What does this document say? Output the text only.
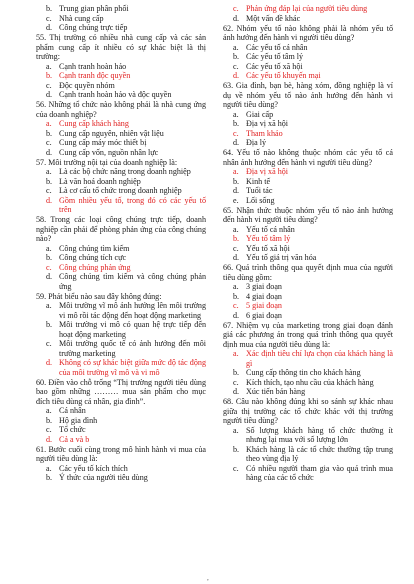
b. Trung gian phân phối
c. Nhà cung cấp
d. Công chúng trực tiếp
55. Thị trường có nhiều nhà cung cấp và các sản phẩm cung cấp ít nhiều có sự khác biệt là thị trường:
a. Cạnh tranh hoàn hảo
b. Cạnh tranh độc quyền
c. Độc quyền nhóm
d. Cạnh tranh hoàn hảo và độc quyền
56. Những tổ chức nào không phải là nhà cung ứng của doanh nghiệp?
a. Cung cấp khách hàng
b. Cung cấp nguyên, nhiên vật liệu
c. Cung cấp máy móc thiết bị
d. Cung cấp vốn, nguồn nhân lực
57. Môi trường nội tại của doanh nghiệp là:
a. Là các bộ chức năng trong doanh nghiệp
b. Là văn hoá doanh nghiệp
c. Là cơ cấu tổ chức trong doanh nghiệp
d. Gồm nhiều yếu tố, trong đó có các yếu tố trên
58. Trong các loại công chúng trực tiếp, doanh nghiệp cần phải để phòng phản ứng của công chúng nào?
a. Công chúng tìm kiếm
b. Công chúng tích cực
c. Công chúng phản ứng
d. Công chúng tìm kiếm và công chúng phản ứng
59. Phát biểu nào sau đây không đúng:
a. Môi trường vĩ mô ảnh hưởng lên môi trường vi mô rồi tác động đến hoạt động marketing
b. Môi trường vi mô có quan hệ trực tiếp đến hoạt động marketing
c. Môi trường quốc tế có ảnh hưởng đến môi trường marketing
d. Không có sự khác biệt giữa mức độ tác động của môi trường vĩ mô và vi mô
60. Điền vào chỗ trống “Thị trường người tiêu dùng bao gồm những ……… mua sản phẩm cho mục đích tiêu dùng cá nhân, gia đình”.
a. Cá nhân
b. Hộ gia đình
c. Tổ chức
d. Cả a và b
61. Bước cuối cùng trong mô hình hành vi mua của người tiêu dùng là:
a. Các yếu tố kích thích
b. Ý thức của người tiêu dùng
c. Phản ứng đáp lại của người tiêu dùng
d. Một vấn đề khác
62. Nhóm yếu tố nào không phải là nhóm yếu tố ảnh hưởng đến hành vi người tiêu dùng?
a. Các yếu tố cá nhân
b. Các yếu tố tâm lý
c. Các yếu tố xã hội
d. Các yếu tố khuyến mại
63. Gia đình, bạn bè, hàng xóm, đồng nghiệp là ví dụ về nhóm yếu tố nào ảnh hưởng đến hành vi người tiêu dùng?
a. Giai cấp
b. Địa vị xã hội
c. Tham khảo
d. Địa lý
64. Yếu tố nào không thuộc nhóm các yếu tố cá nhân ảnh hưởng đến hành vi người tiêu dùng?
a. Địa vị xã hội
b. Kinh tế
d. Tuổi tác
e. Lối sống
65. Nhận thức thuộc nhóm yếu tố nào ảnh hưởng đến hành vi người tiêu dùng?
a. Yếu tố cá nhân
b. Yếu tố tâm lý
c. Yếu tố xã hội
d. Yếu tố giá trị văn hóa
66. Quá trình thông qua quyết định mua của người tiêu dùng gồm:
a. 3 giai đoạn
b. 4 giai đoạn
c. 5 giai đoạn
d. 6 giai đoạn
67. Nhiệm vụ của marketing trong giai đoạn đánh giá các phương án trong quá trình thông qua quyết định mua của người tiêu dùng là:
a. Xác định tiêu chí lựa chọn của khách hàng là gì
b. Cung cấp thông tin cho khách hàng
c. Kích thích, tạo nhu cầu của khách hàng
d. Xúc tiến bán hàng
68. Câu nào không đúng khi so sánh sự khác nhau giữa thị trường các tổ chức khác với thị trường người tiêu dùng?
a. Số lượng khách hàng tổ chức thường ít nhưng lại mua với số lượng lớn
b. Khách hàng là các tổ chức thường tập trung theo vùng địa lý
c. Có nhiều người tham gia vào quá trình mua hàng của các tổ chức
,
